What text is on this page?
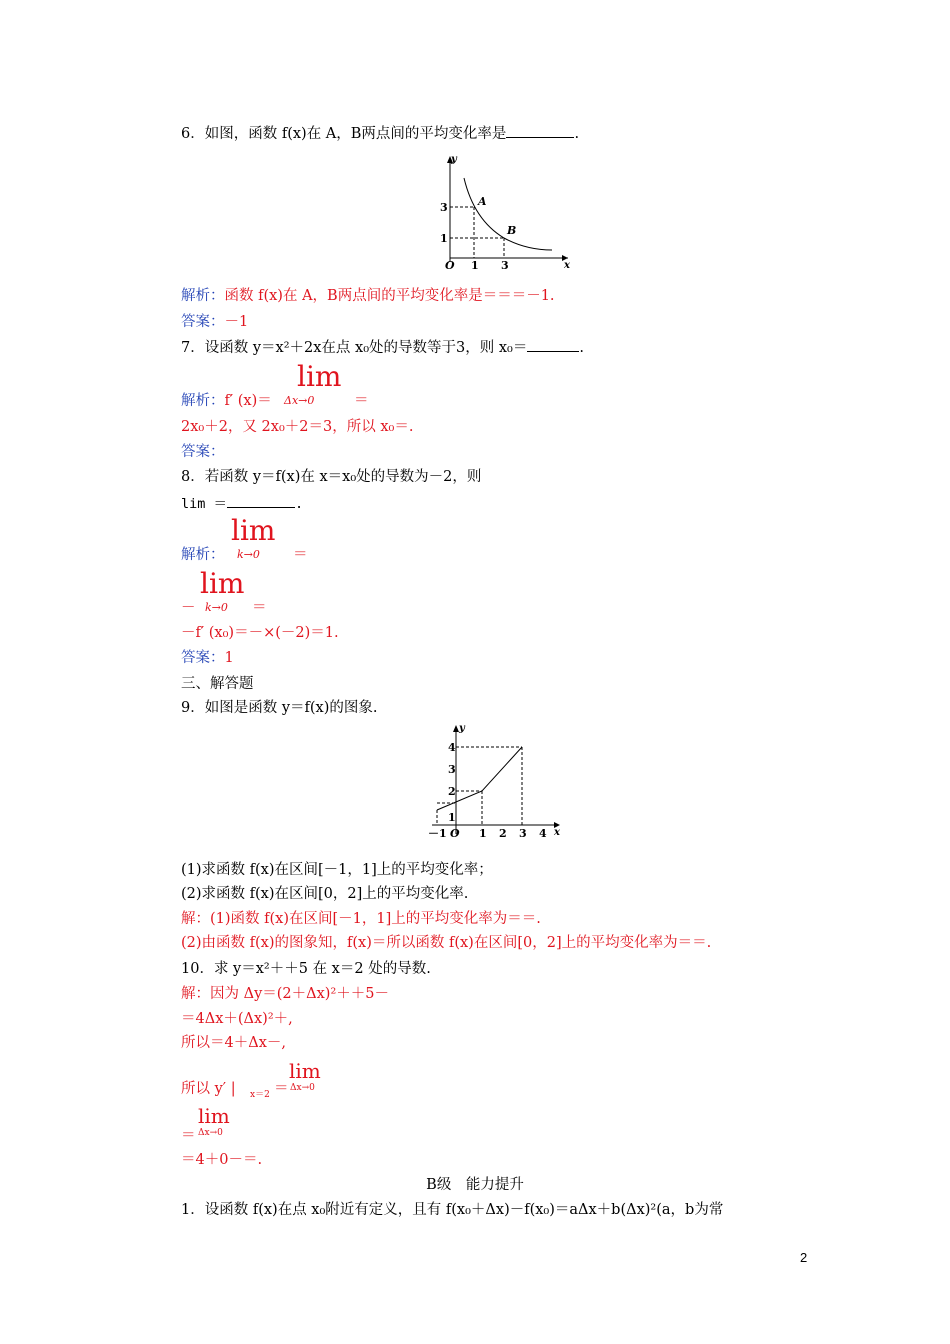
6．如图，函数 f(x)在 A，B两点间的平均变化率是	.
y
x
O 1 3
3
1
A
B
解析：函数 f(x)在 A，B两点间的平均变化率是＝＝＝－1.
答案：－1
7．设函数 y＝x²＋2x在点 x₀处的导数等于3，则 x₀＝	.
lim
解析：f′ (x)＝ Δx→0	＝
2x₀＋2，又 2x₀＋2＝3，所以 x₀＝.
答案：
8．若函数 y＝f(x)在 x＝x₀处的导数为－2，则
lim ＝	.
lim
解析： k→0 ＝
lim
－ k→0 ＝
－f′ (x₀)＝－×(－2)＝1.
答案：1
三、解答题
9．如图是函数 y＝f(x)的图象.
y
x
O
－1	1 2 3 4
1
2
3
4
(1)求函数 f(x)在区间[－1，1]上的平均变化率；
(2)求函数 f(x)在区间[0，2]上的平均变化率.
解：(1)函数 f(x)在区间[－1，1]上的平均变化率为＝＝.
(2)由函数 f(x)的图象知，f(x)＝所以函数 f(x)在区间[0，2]上的平均变化率为＝＝.
10．求 y＝x²＋＋5 在 x＝2 处的导数.
解：因为 Δy＝(2＋Δx)²＋＋5－
＝4Δx＋(Δx)²＋,
所以＝4＋Δx－,
lim
所以 y′ | x＝2 ＝ Δx→0
lim
＝ Δx→0
＝4＋0－＝.
B级　能力提升
1．设函数 f(x)在点 x₀附近有定义，且有 f(x₀＋Δx)－f(x₀)＝aΔx＋b(Δx)²(a，b为常
2
